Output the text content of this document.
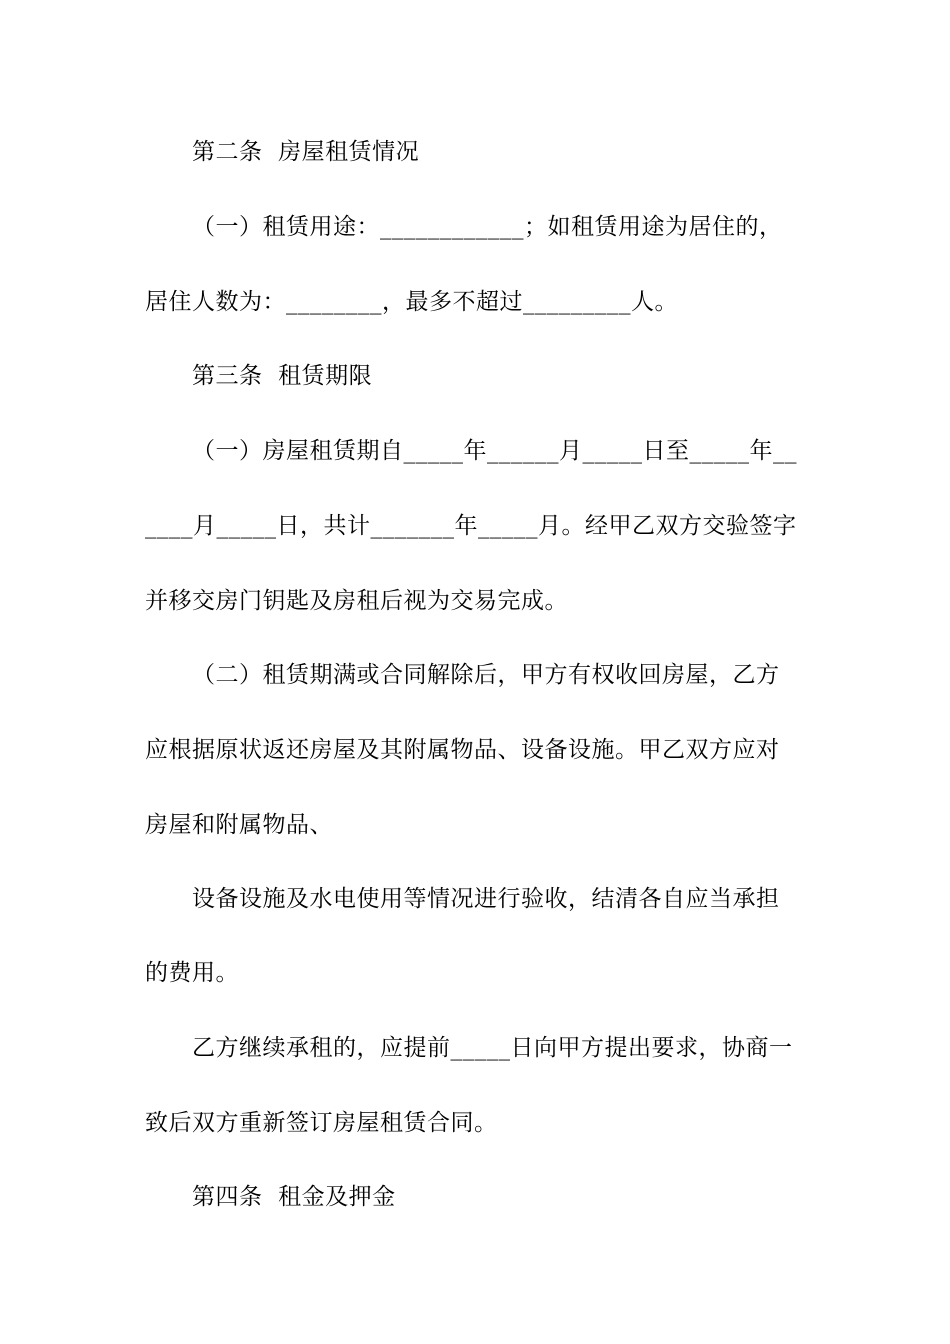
第二条  房屋租赁情况

（一）租赁用途：____________；如租赁用途为居住的，

居住人数为：________，最多不超过_________人。

第三条  租赁期限

（一）房屋租赁期自_____年______月_____日至_____年__

____月_____日，共计_______年_____月。经甲乙双方交验签字

并移交房门钥匙及房租后视为交易完成。

（二）租赁期满或合同解除后，甲方有权收回房屋，乙方

应根据原状返还房屋及其附属物品、设备设施。甲乙双方应对

房屋和附属物品、

设备设施及水电使用等情况进行验收，结清各自应当承担

的费用。

乙方继续承租的，应提前_____日向甲方提出要求，协商一

致后双方重新签订房屋租赁合同。

第四条  租金及押金
